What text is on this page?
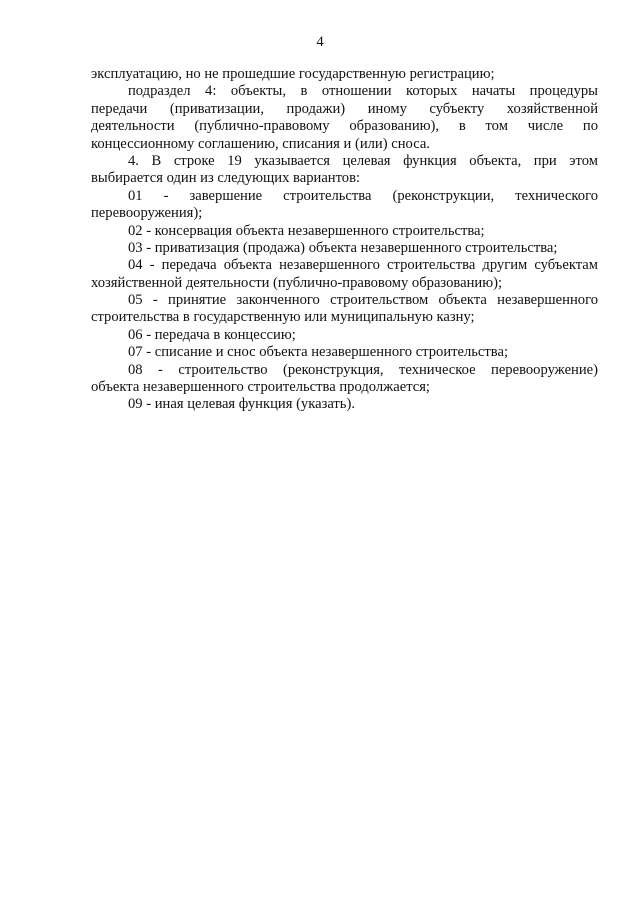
4
эксплуатацию, но не прошедшие государственную регистрацию;
подраздел 4: объекты, в отношении которых начаты процедуры
передачи (приватизации, продажи) иному субъекту хозяйственной
деятельности (публично-правовому образованию), в том числе по
концессионному соглашению, списания и (или) сноса.
4. В строке 19 указывается целевая функция объекта, при этом
выбирается один из следующих вариантов:
01 - завершение строительства (реконструкции, технического
перевооружения);
02 - консервация объекта незавершенного строительства;
03 - приватизация (продажа) объекта незавершенного строительства;
04 - передача объекта незавершенного строительства другим субъектам
хозяйственной деятельности (публично-правовому образованию);
05 - принятие законченного строительством объекта незавершенного
строительства в государственную или муниципальную казну;
06 - передача в концессию;
07 - списание и снос объекта незавершенного строительства;
08 - строительство (реконструкция, техническое перевооружение)
объекта незавершенного строительства продолжается;
09 - иная целевая функция (указать).
